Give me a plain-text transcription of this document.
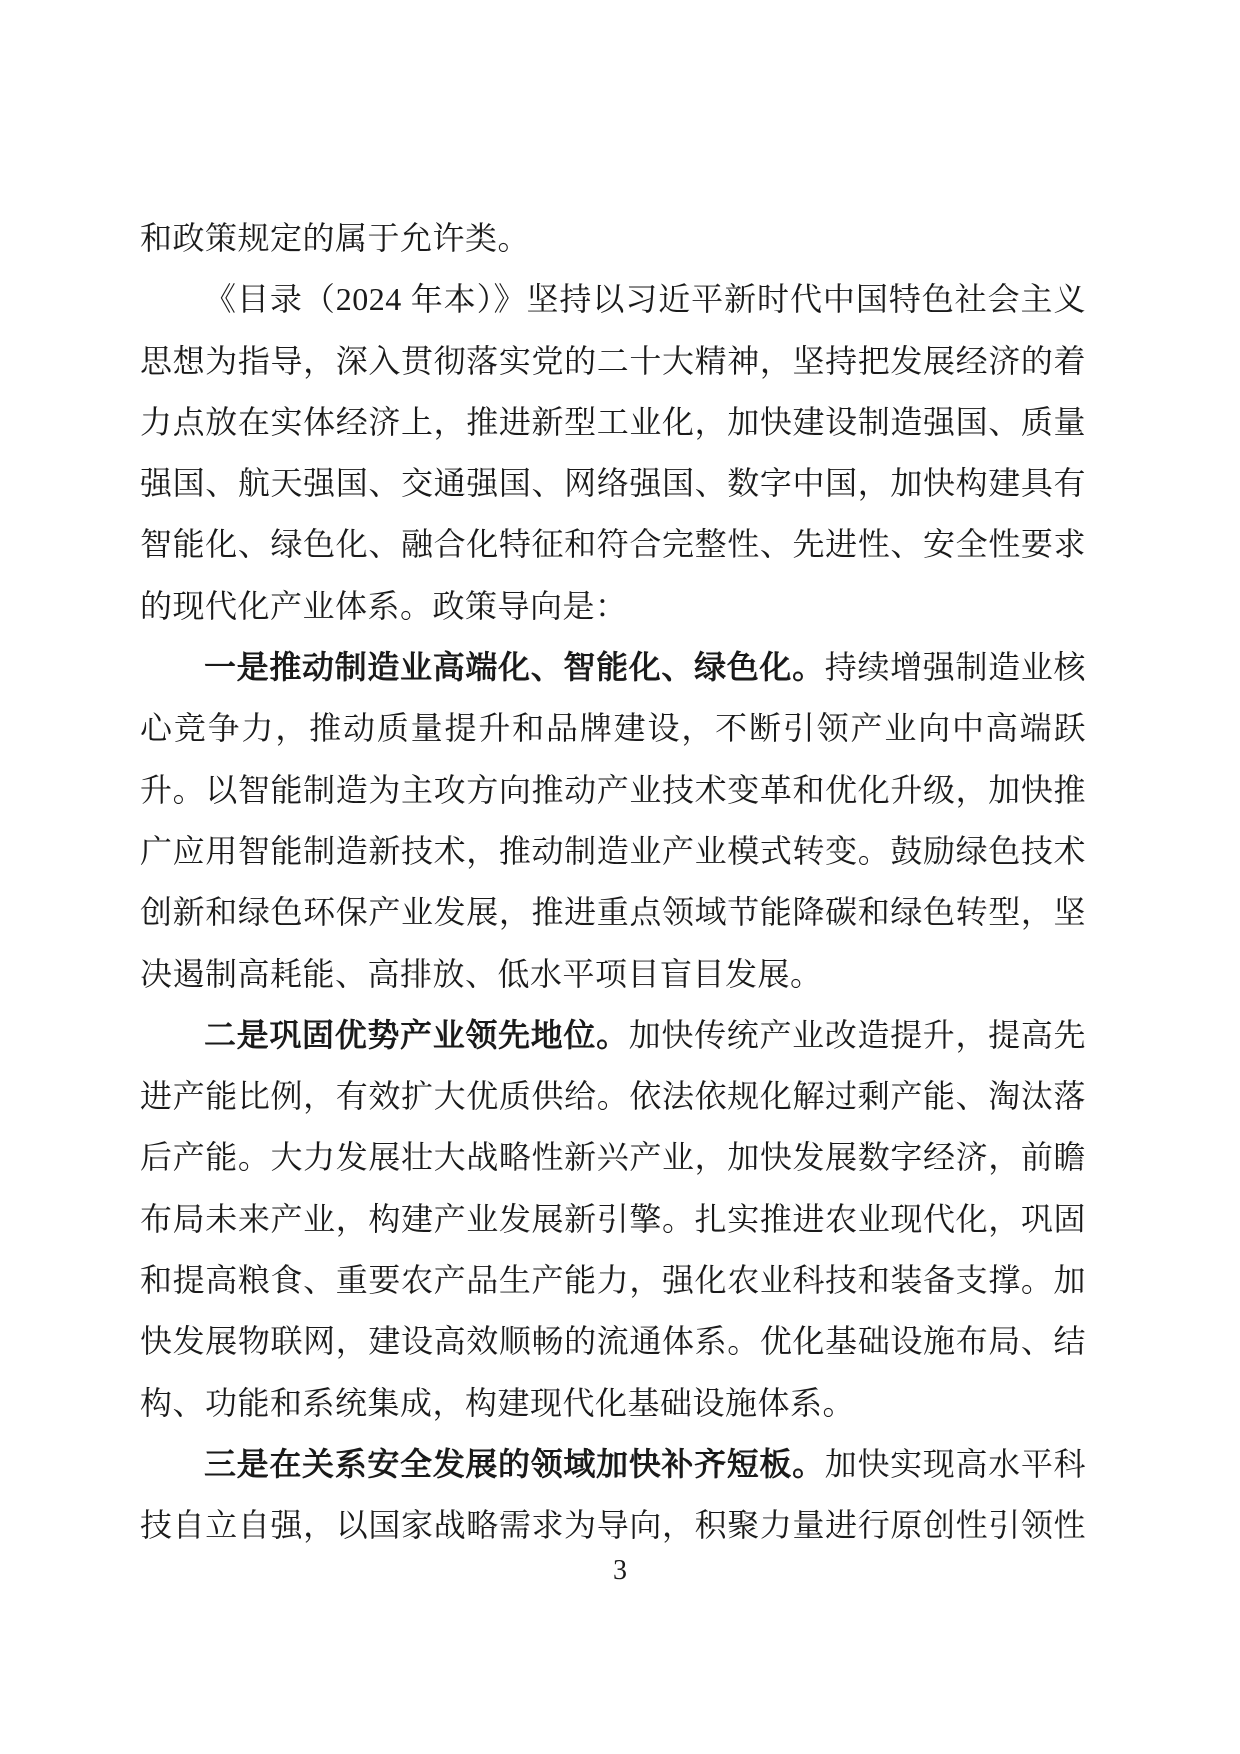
和政策规定的属于允许类。

《目录（2024 年本）》坚持以习近平新时代中国特色社会主义思想为指导，深入贯彻落实党的二十大精神，坚持把发展经济的着力点放在实体经济上，推进新型工业化，加快建设制造强国、质量强国、航天强国、交通强国、网络强国、数字中国，加快构建具有智能化、绿色化、融合化特征和符合完整性、先进性、安全性要求的现代化产业体系。政策导向是：

一是推动制造业高端化、智能化、绿色化。持续增强制造业核心竞争力，推动质量提升和品牌建设，不断引领产业向中高端跃升。以智能制造为主攻方向推动产业技术变革和优化升级，加快推广应用智能制造新技术，推动制造业产业模式转变。鼓励绿色技术创新和绿色环保产业发展，推进重点领域节能降碳和绿色转型，坚决遏制高耗能、高排放、低水平项目盲目发展。

二是巩固优势产业领先地位。加快传统产业改造提升，提高先进产能比例，有效扩大优质供给。依法依规化解过剩产能、淘汰落后产能。大力发展壮大战略性新兴产业，加快发展数字经济，前瞻布局未来产业，构建产业发展新引擎。扎实推进农业现代化，巩固和提高粮食、重要农产品生产能力，强化农业科技和装备支撑。加快发展物联网，建设高效顺畅的流通体系。优化基础设施布局、结构、功能和系统集成，构建现代化基础设施体系。

三是在关系安全发展的领域加快补齐短板。加快实现高水平科技自立自强，以国家战略需求为导向，积聚力量进行原创性引领性

3
